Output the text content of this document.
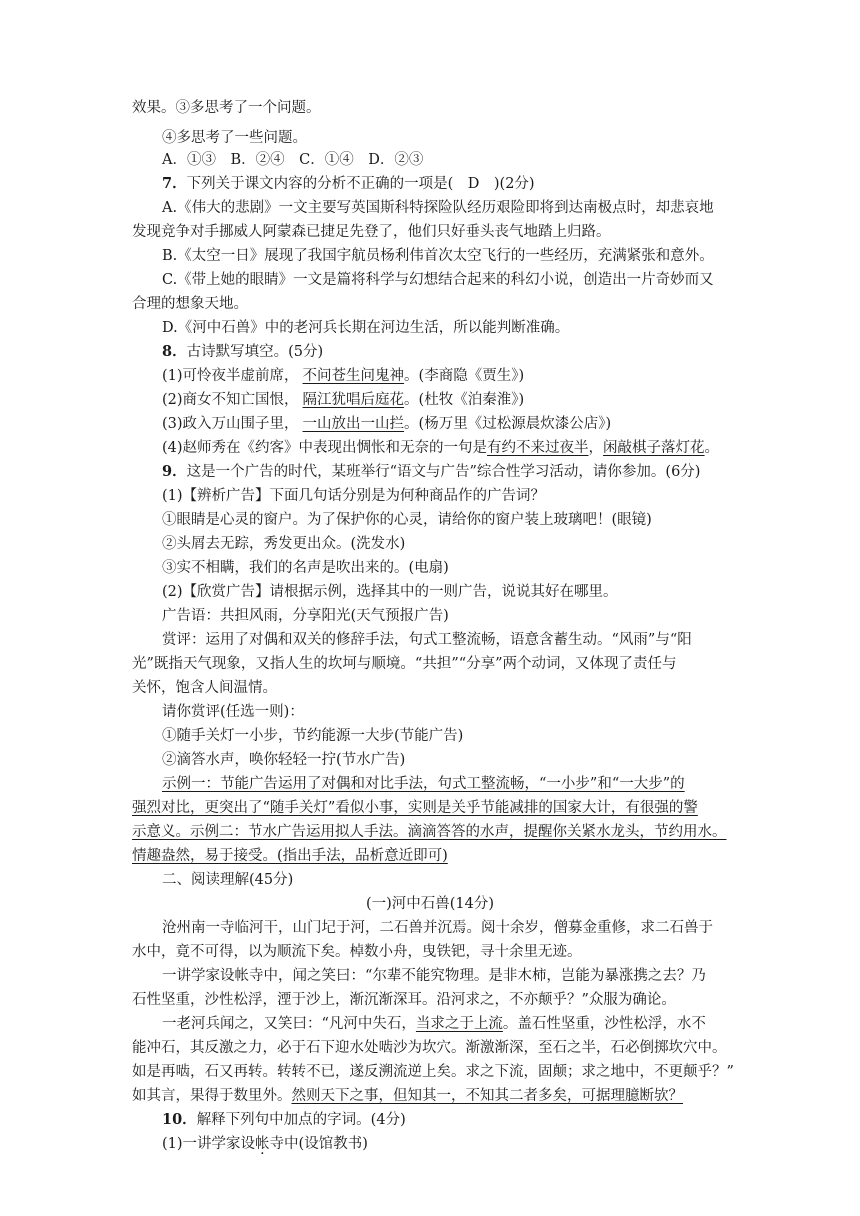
效果。③多思考了一个问题。
④多思考了一些问题。
A．①③　B．②④　C．①④　D．②③
7．下列关于课文内容的分析不正确的一项是(　D　)(2分)
A.《伟大的悲剧》一文主要写英国斯科特探险队经历艰险即将到达南极点时，却悲哀地
发现竞争对手挪威人阿蒙森已捷足先登了，他们只好垂头丧气地踏上归路。
B.《太空一日》展现了我国宇航员杨利伟首次太空飞行的一些经历，充满紧张和意外。
C.《带上她的眼睛》一文是篇将科学与幻想结合起来的科幻小说，创造出一片奇妙而又
合理的想象天地。
D.《河中石兽》中的老河兵长期在河边生活，所以能判断准确。
8．古诗默写填空。(5分)
(1)可怜夜半虚前席， 不问苍生问鬼神。(李商隐《贾生》)
(2)商女不知亡国恨， 隔江犹唱后庭花。(杜牧《泊秦淮》)
(3)政入万山围子里， 一山放出一山拦。(杨万里《过松源晨炊漆公店》)
(4)赵师秀在《约客》中表现出惆怅和无奈的一句是有约不来过夜半，闲敲棋子落灯花。
9．这是一个广告的时代，某班举行“语文与广告”综合性学习活动，请你参加。(6分)
(1)【辨析广告】下面几句话分别是为何种商品作的广告词？
①眼睛是心灵的窗户。为了保护你的心灵，请给你的窗户装上玻璃吧！(眼镜)
②头屑去无踪，秀发更出众。(洗发水)
③实不相瞒，我们的名声是吹出来的。(电扇)
(2)【欣赏广告】请根据示例，选择其中的一则广告，说说其好在哪里。
广告语：共担风雨，分享阳光(天气预报广告)
赏评：运用了对偶和双关的修辞手法，句式工整流畅，语意含蓄生动。“风雨”与“阳
光”既指天气现象，又指人生的坎坷与顺境。“共担”“分享”两个动词，又体现了责任与
关怀，饱含人间温情。
请你赏评(任选一则)：
①随手关灯一小步，节约能源一大步(节能广告)
②滴答水声，唤你轻轻一拧(节水广告)
示例一：节能广告运用了对偶和对比手法，句式工整流畅，“一小步”和“一大步”的
强烈对比，更突出了“随手关灯”看似小事，实则是关乎节能减排的国家大计，有很强的警
示意义。示例二：节水广告运用拟人手法。滴滴答答的水声，提醒你关紧水龙头，节约用水。
情趣盎然，易于接受。(指出手法，品析意近即可)
二、阅读理解(45分)
(一)河中石兽(14分)
沧州南一寺临河干，山门圮于河，二石兽并沉焉。阅十余岁，僧募金重修，求二石兽于
水中，竟不可得，以为顺流下矣。棹数小舟，曳铁钯，寻十余里无迹。
一讲学家设帐寺中，闻之笑曰：“尔辈不能究物理。是非木柿，岂能为暴涨携之去？乃
石性坚重，沙性松浮，湮于沙上，渐沉渐深耳。沿河求之，不亦颠乎？”众服为确论。
一老河兵闻之，又笑曰：“凡河中失石，当求之于上流。盖石性坚重，沙性松浮，水不
能冲石，其反激之力，必于石下迎水处啮沙为坎穴。渐激渐深，至石之半，石必倒掷坎穴中。
如是再啮，石又再转。转转不已，遂反溯流逆上矣。求之下流，固颠；求之地中，不更颠乎？”
如其言，果得于数里外。然则天下之事，但知其一，不知其二者多矣，可据理臆断欤？
10．解释下列句中加点的字词。(4分)
(1)一讲学家设帐寺中(设馆教书)
